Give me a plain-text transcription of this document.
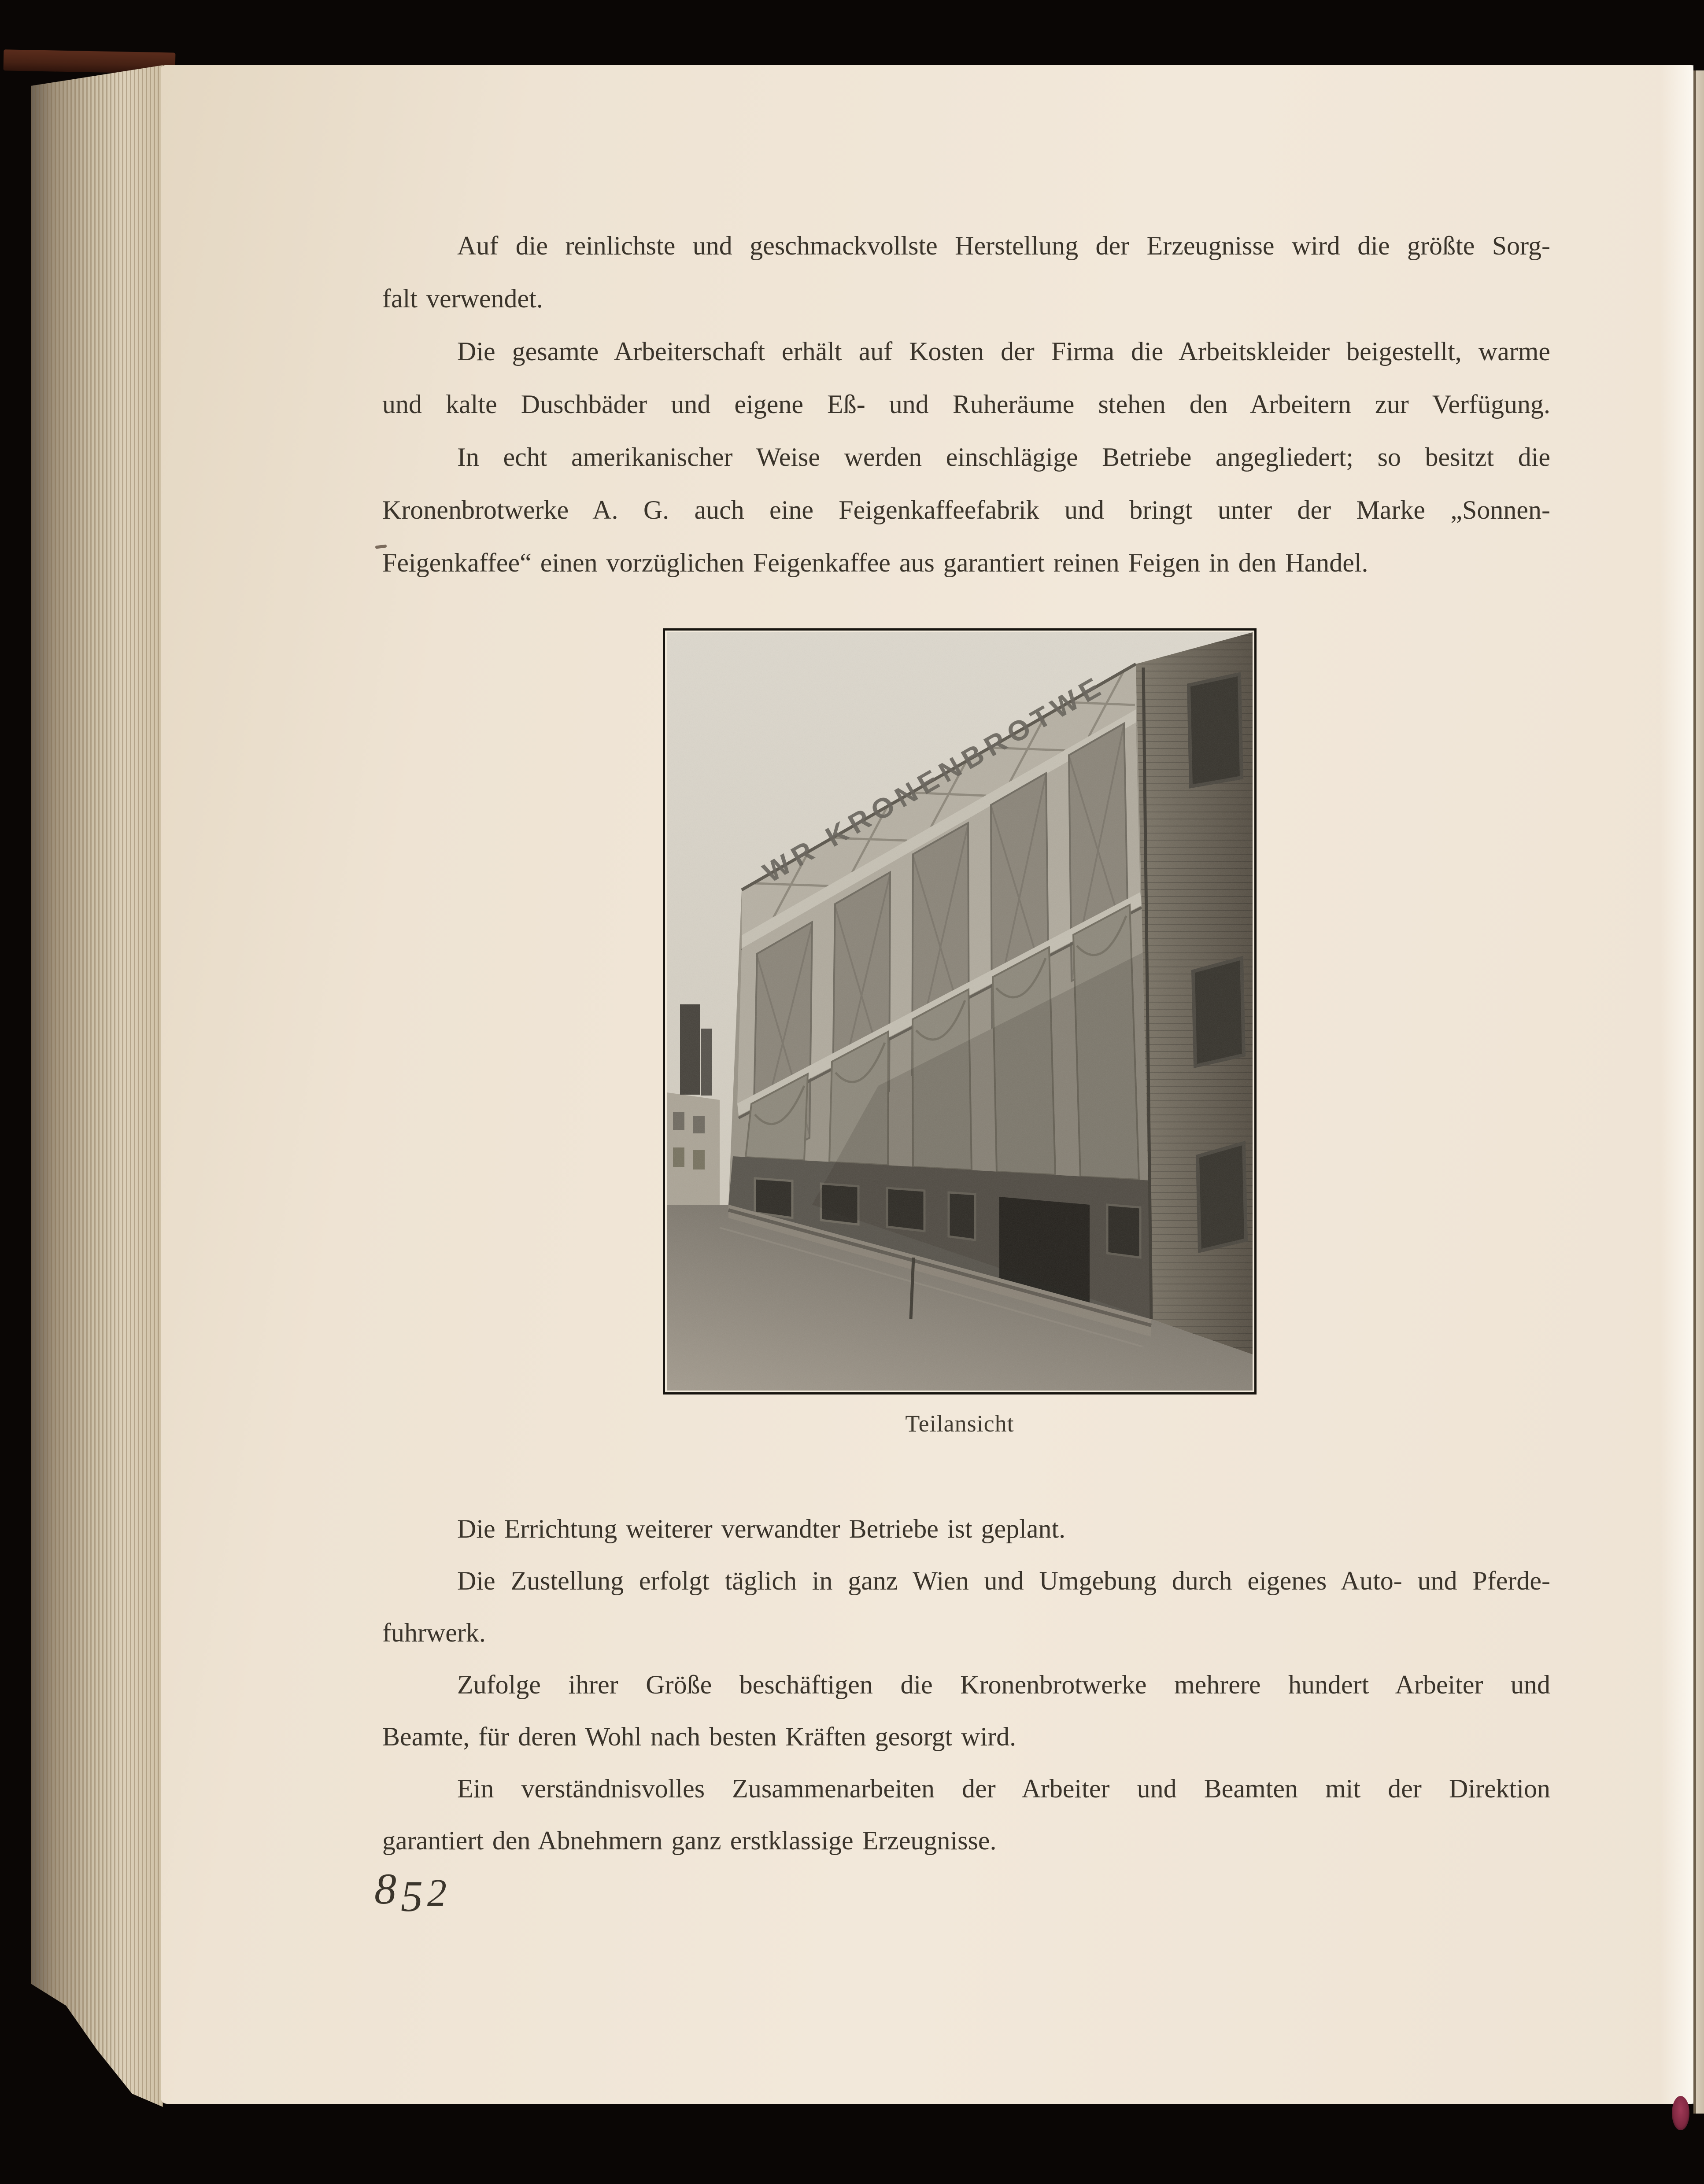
Auf die reinlichste und geschmackvollste Herstellung der Erzeugnisse wird die größte Sorg-
falt verwendet.
Die gesamte Arbeiterschaft erhält auf Kosten der Firma die Arbeitskleider beigestellt, warme
und kalte Duschbäder und eigene Eß- und Ruheräume stehen den Arbeitern zur Verfügung.
In echt amerikanischer Weise werden einschlägige Betriebe angegliedert; so besitzt die
Kronenbrotwerke A. G. auch eine Feigenkaffeefabrik und bringt unter der Marke „Sonnen-
Feigenkaffee“ einen vorzüglichen Feigenkaffee aus garantiert reinen Feigen in den Handel.
Teilansicht
Die Errichtung weiterer verwandter Betriebe ist geplant.
Die Zustellung erfolgt täglich in ganz Wien und Umgebung durch eigenes Auto- und Pferde-
fuhrwerk.
Zufolge ihrer Größe beschäftigen die Kronenbrotwerke mehrere hundert Arbeiter und
Beamte, für deren Wohl nach besten Kräften gesorgt wird.
Ein verständnisvolles Zusammenarbeiten der Arbeiter und Beamten mit der Direktion
garantiert den Abnehmern ganz erstklassige Erzeugnisse.
852
